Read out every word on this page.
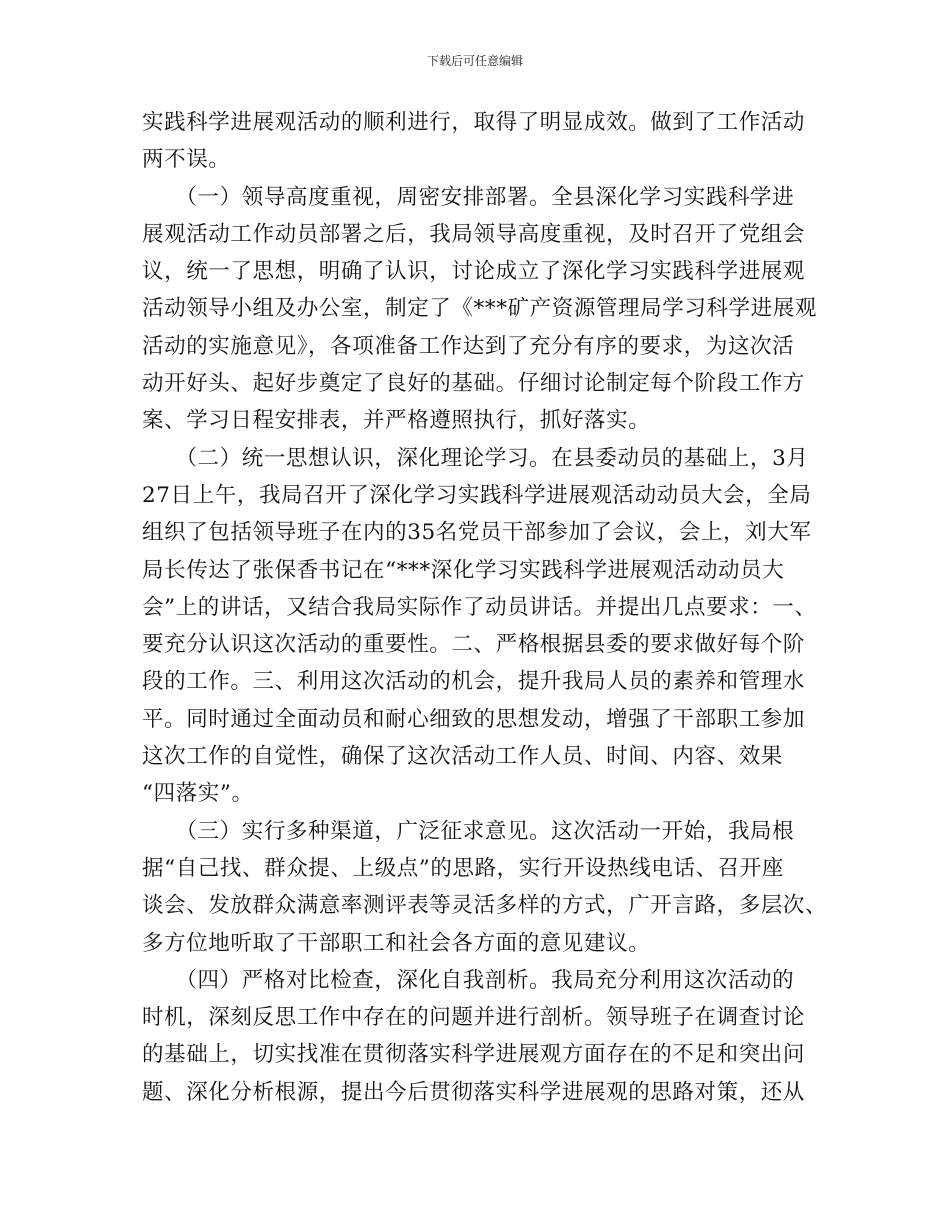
下载后可任意编辑
实践科学进展观活动的顺利进行，取得了明显成效。做到了工作活动
两不误。
　　（一）领导高度重视，周密安排部署。全县深化学习实践科学进
展观活动工作动员部署之后，我局领导高度重视，及时召开了党组会
议，统一了思想，明确了认识，讨论成立了深化学习实践科学进展观
活动领导小组及办公室，制定了《***矿产资源管理局学习科学进展观
活动的实施意见》，各项准备工作达到了充分有序的要求，为这次活
动开好头、起好步奠定了良好的基础。仔细讨论制定每个阶段工作方
案、学习日程安排表，并严格遵照执行，抓好落实。
　　（二）统一思想认识，深化理论学习。在县委动员的基础上，3月
27日上午，我局召开了深化学习实践科学进展观活动动员大会，全局
组织了包括领导班子在内的35名党员干部参加了会议，会上，刘大军
局长传达了张保香书记在“***深化学习实践科学进展观活动动员大
会”上的讲话，又结合我局实际作了动员讲话。并提出几点要求：一、
要充分认识这次活动的重要性。二、严格根据县委的要求做好每个阶
段的工作。三、利用这次活动的机会，提升我局人员的素养和管理水
平。同时通过全面动员和耐心细致的思想发动，增强了干部职工参加
这次工作的自觉性，确保了这次活动工作人员、时间、内容、效果
“四落实”。
　　（三）实行多种渠道，广泛征求意见。这次活动一开始，我局根
据“自己找、群众提、上级点”的思路，实行开设热线电话、召开座
谈会、发放群众满意率测评表等灵活多样的方式，广开言路，多层次、
多方位地听取了干部职工和社会各方面的意见建议。
　　（四）严格对比检查，深化自我剖析。我局充分利用这次活动的
时机，深刻反思工作中存在的问题并进行剖析。领导班子在调查讨论
的基础上，切实找准在贯彻落实科学进展观方面存在的不足和突出问
题、深化分析根源，提出今后贯彻落实科学进展观的思路对策，还从
